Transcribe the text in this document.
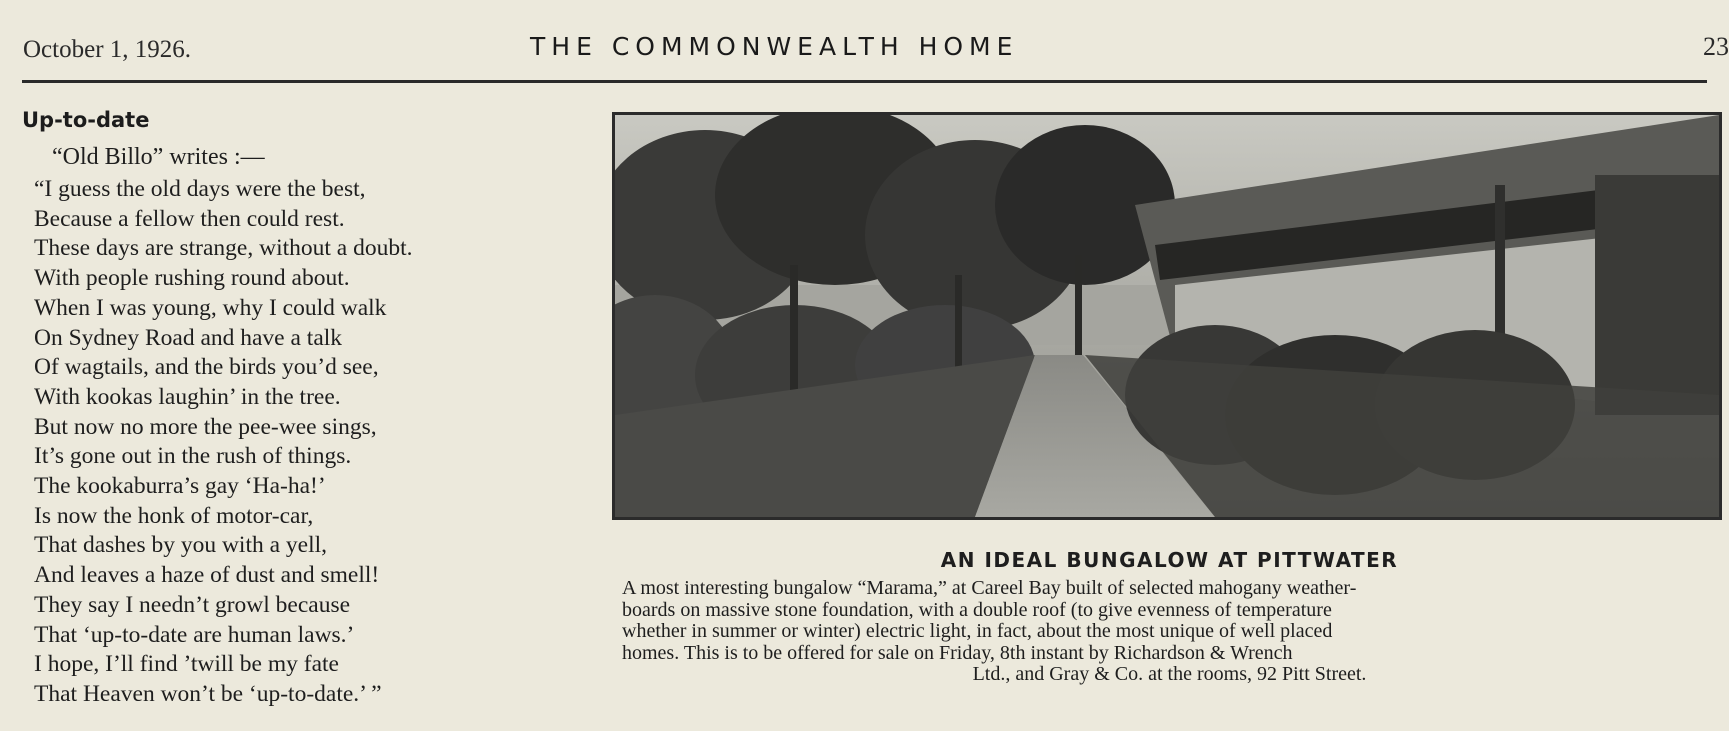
October 1, 1926.	THE COMMONWEALTH HOME	23
Up-to-date
“Old Billo” writes :—
“I guess the old days were the best,
Because a fellow then could rest.
These days are strange, without a doubt.
With people rushing round about.
When I was young, why I could walk
On Sydney Road and have a talk
Of wagtails, and the birds you’d see,
With kookas laughin’ in the tree.
But now no more the pee-wee sings,
It’s gone out in the rush of things.
The kookaburra’s gay ‘Ha-ha!’
Is now the honk of motor-car,
That dashes by you with a yell,
And leaves a haze of dust and smell!
They say I needn’t growl because
That ‘up-to-date are human laws.’
I hope, I’ll find ’twill be my fate
That Heaven won’t be ‘up-to-date.’ ”
AN IDEAL BUNGALOW AT PITTWATER
A most interesting bungalow “Marama,” at Careel Bay built of selected mahogany weather-
boards on massive stone foundation, with a double roof (to give evenness of temperature
whether in summer or winter) electric light, in fact, about the most unique of well placed
homes. This is to be offered for sale on Friday, 8th instant by Richardson & Wrench
Ltd., and Gray & Co. at the rooms, 92 Pitt Street.
